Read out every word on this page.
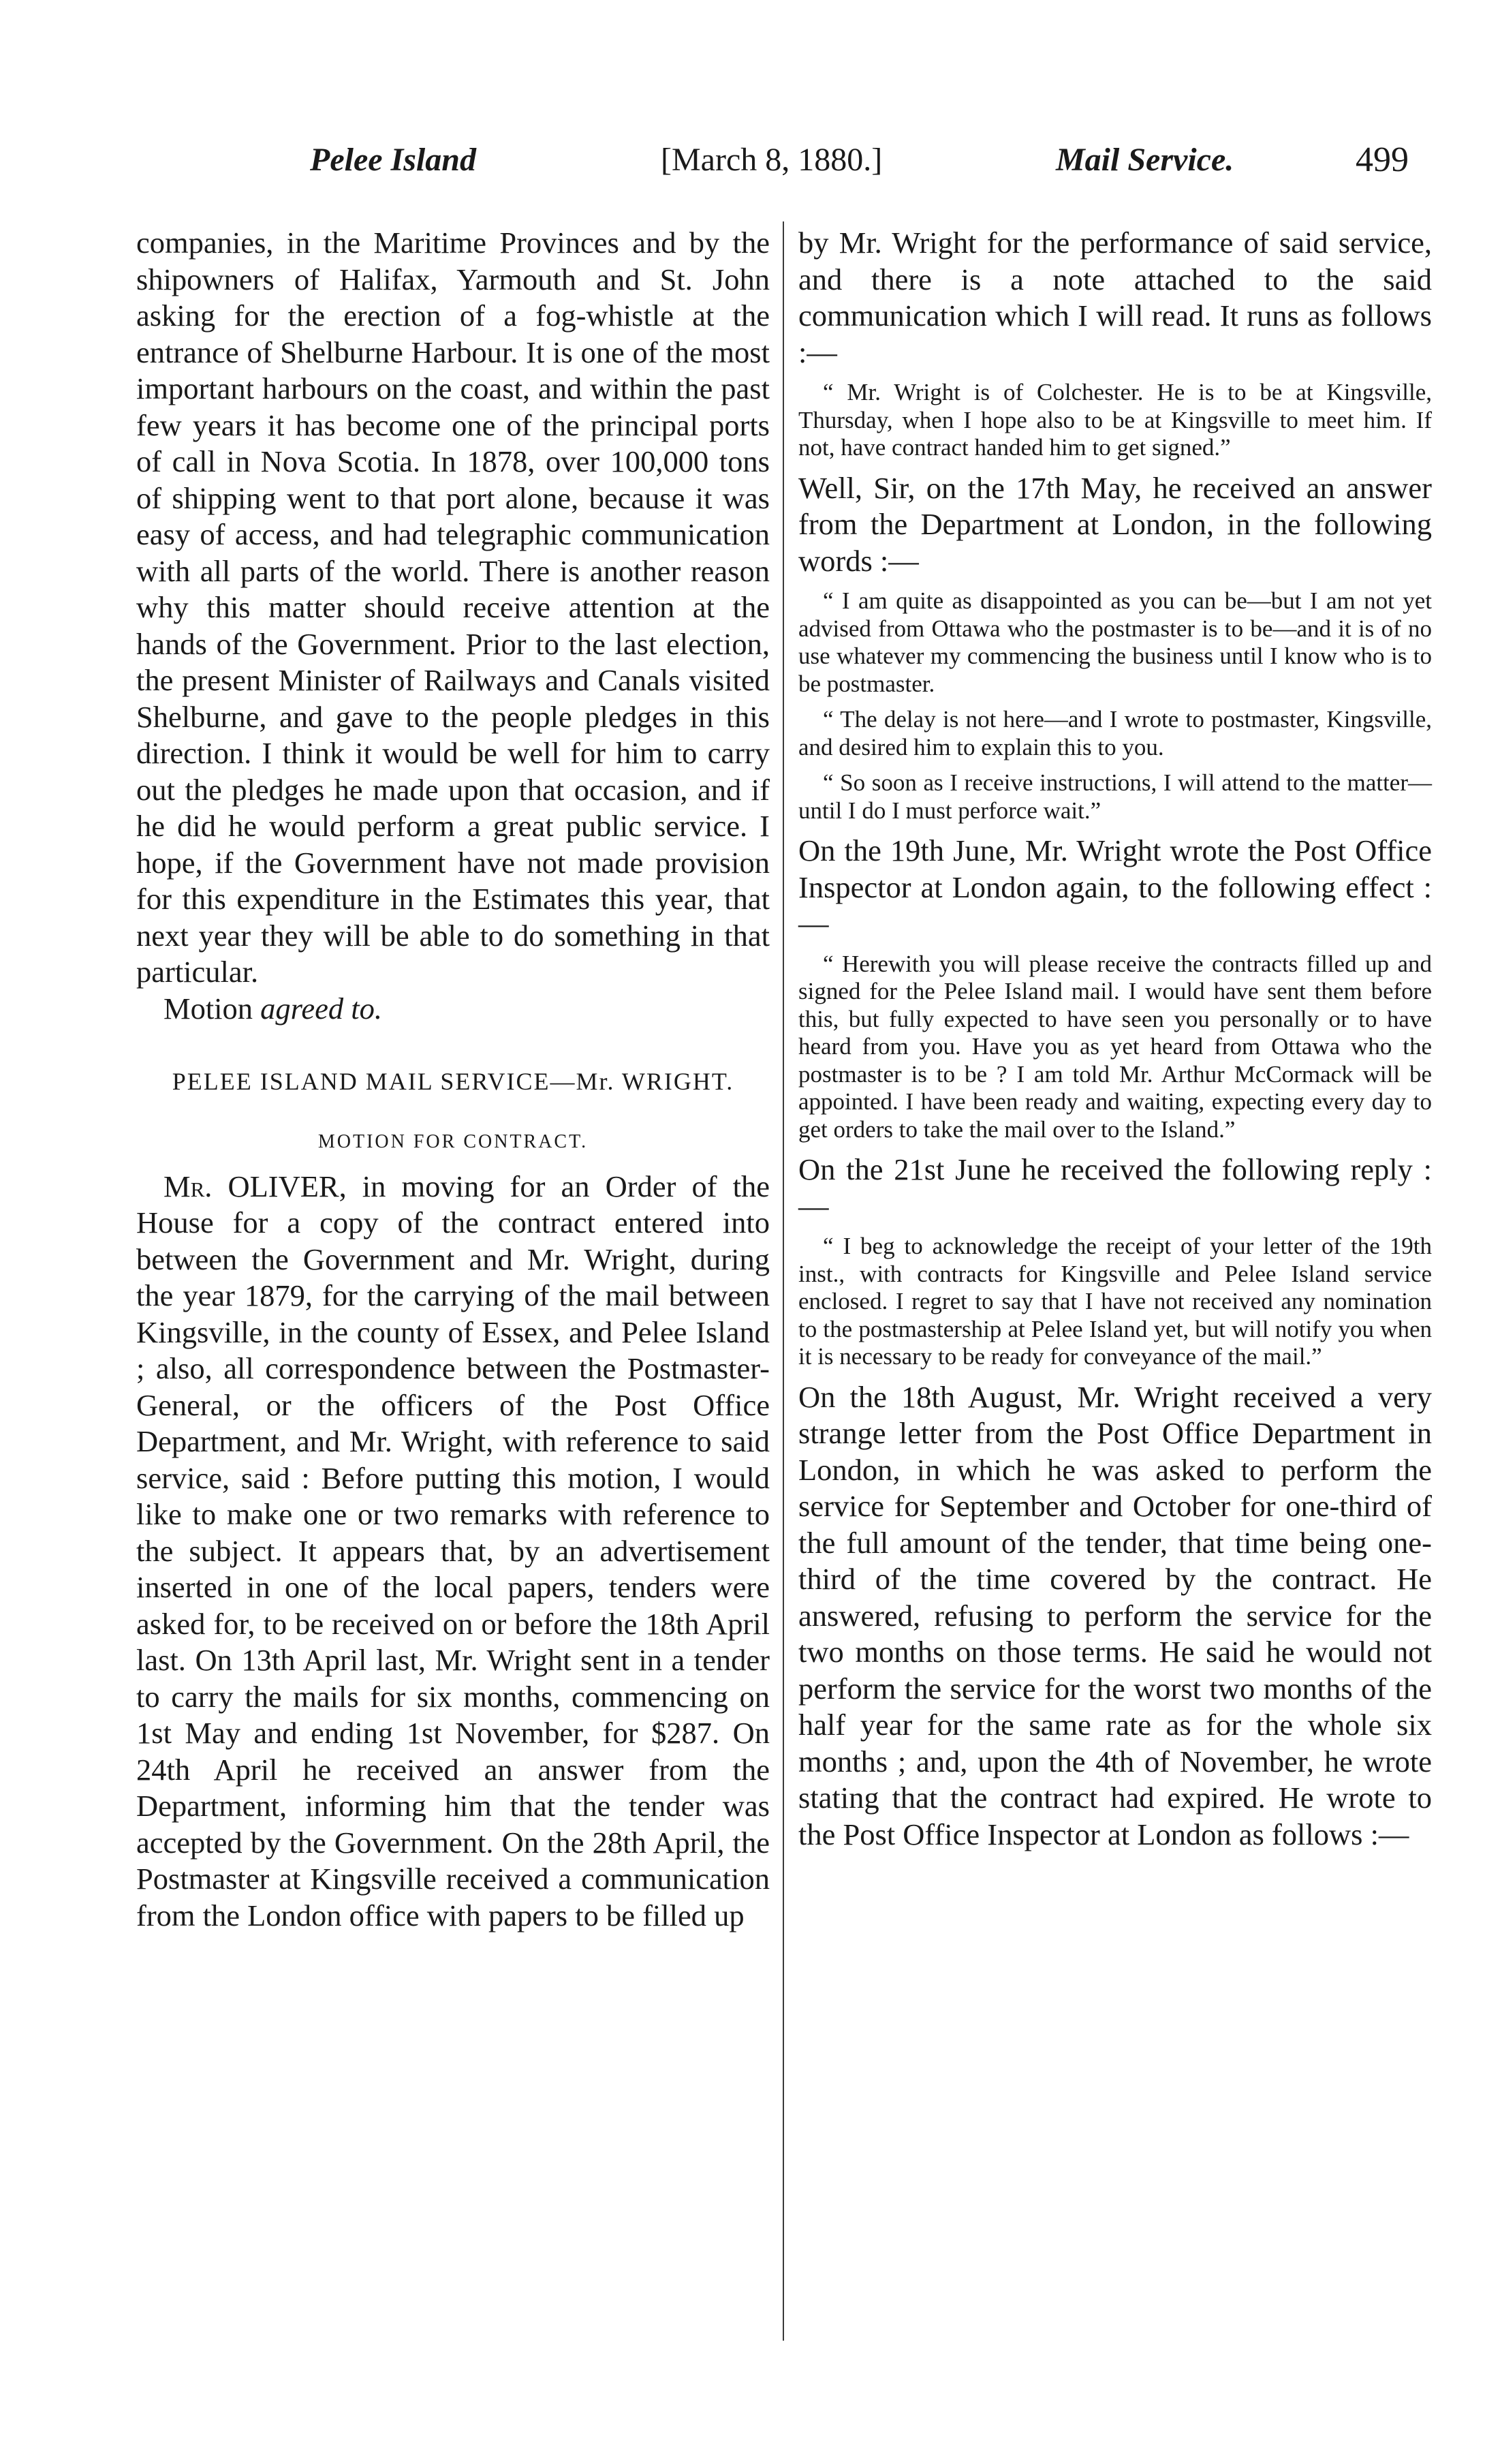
Pelee Island	[March 8, 1880.]	Mail Service.	499

companies, in the Maritime Provinces and by the shipowners of Halifax, Yarmouth and St. John asking for the erection of a fog-whistle at the entrance of Shelburne Harbour. It is one of the most important harbours on the coast, and within the past few years it has become one of the principal ports of call in Nova Scotia. In 1878, over 100,000 tons of shipping went to that port alone, because it was easy of access, and had telegraphic communication with all parts of the world. There is another reason why this matter should receive attention at the hands of the Government. Prior to the last election, the present Minister of Railways and Canals visited Shelburne, and gave to the people pledges in this direction. I think it would be well for him to carry out the pledges he made upon that occasion, and if he did he would perform a great public service. I hope, if the Government have not made provision for this expenditure in the Estimates this year, that next year they will be able to do something in that particular.

Motion agreed to.

PELEE ISLAND MAIL SERVICE—Mr. WRIGHT.

MOTION FOR CONTRACT.

Mr. OLIVER, in moving for an Order of the House for a copy of the contract entered into between the Government and Mr. Wright, during the year 1879, for the carrying of the mail between Kingsville, in the county of Essex, and Pelee Island ; also, all correspondence between the Postmaster-General, or the officers of the Post Office Department, and Mr. Wright, with reference to said service, said : Before putting this motion, I would like to make one or two remarks with reference to the subject. It appears that, by an advertisement inserted in one of the local papers, tenders were asked for, to be received on or before the 18th April last. On 13th April last, Mr. Wright sent in a tender to carry the mails for six months, commencing on 1st May and ending 1st November, for $287. On 24th April he received an answer from the Department, informing him that the tender was accepted by the Government. On the 28th April, the Postmaster at Kingsville received a communication from the London office with papers to be filled up

by Mr. Wright for the performance of said service, and there is a note attached to the said communication which I will read. It runs as follows :—

“ Mr. Wright is of Colchester. He is to be at Kingsville, Thursday, when I hope also to be at Kingsville to meet him. If not, have contract handed him to get signed.”

Well, Sir, on the 17th May, he received an answer from the Department at London, in the following words :—

“ I am quite as disappointed as you can be—but I am not yet advised from Ottawa who the postmaster is to be—and it is of no use whatever my commencing the business until I know who is to be postmaster.

“ The delay is not here—and I wrote to postmaster, Kingsville, and desired him to explain this to you.

“ So soon as I receive instructions, I will attend to the matter—until I do I must perforce wait.”

On the 19th June, Mr. Wright wrote the Post Office Inspector at London again, to the following effect :—

“ Herewith you will please receive the contracts filled up and signed for the Pelee Island mail. I would have sent them before this, but fully expected to have seen you personally or to have heard from you. Have you as yet heard from Ottawa who the postmaster is to be ? I am told Mr. Arthur McCormack will be appointed. I have been ready and waiting, expecting every day to get orders to take the mail over to the Island.”

On the 21st June he received the following reply :—

“ I beg to acknowledge the receipt of your letter of the 19th inst., with contracts for Kingsville and Pelee Island service enclosed. I regret to say that I have not received any nomination to the postmastership at Pelee Island yet, but will notify you when it is necessary to be ready for conveyance of the mail.”

On the 18th August, Mr. Wright received a very strange letter from the Post Office Department in London, in which he was asked to perform the service for September and October for one-third of the full amount of the tender, that time being one-third of the time covered by the contract. He answered, refusing to perform the service for the two months on those terms. He said he would not perform the service for the worst two months of the half year for the same rate as for the whole six months ; and, upon the 4th of November, he wrote stating that the contract had expired. He wrote to the Post Office Inspector at London as follows :—
